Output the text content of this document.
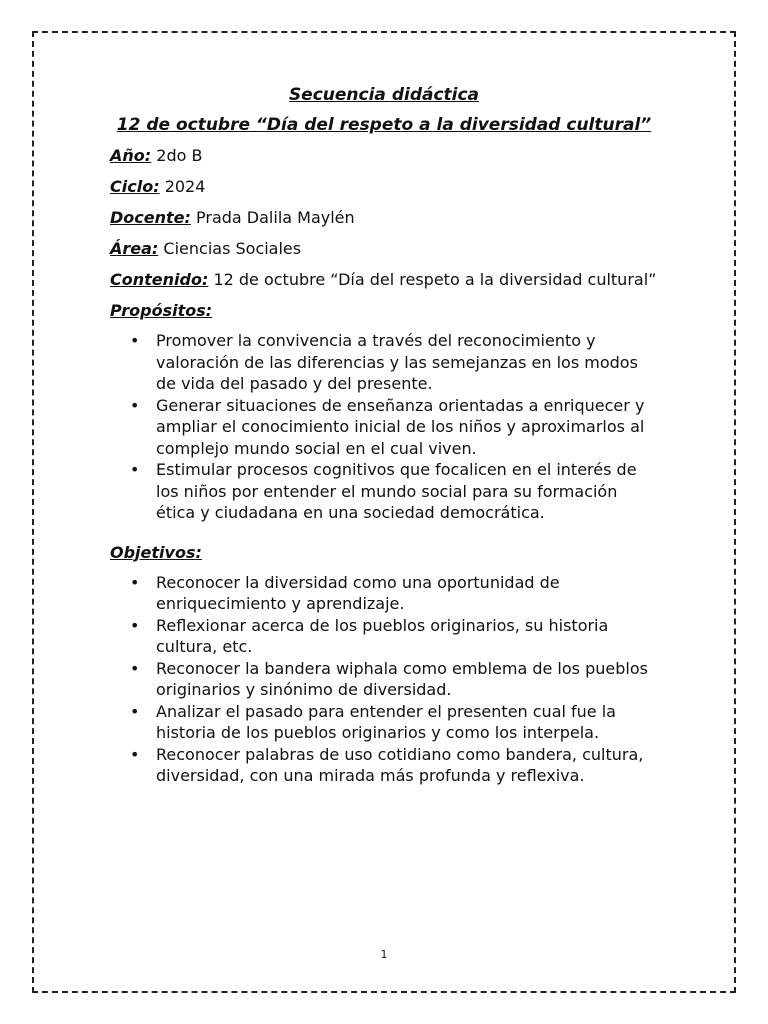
Secuencia didáctica

12 de octubre “Día del respeto a la diversidad cultural”

Año: 2do B

Ciclo: 2024

Docente: Prada Dalila Maylén

Área: Ciencias Sociales

Contenido: 12 de octubre “Día del respeto a la diversidad cultural”

Propósitos:

• Promover la convivencia a través del reconocimiento y valoración de las diferencias y las semejanzas en los modos de vida del pasado y del presente.
• Generar situaciones de enseñanza orientadas a enriquecer y ampliar el conocimiento inicial de los niños y aproximarlos al complejo mundo social en el cual viven.
• Estimular procesos cognitivos que focalicen en el interés de los niños por entender el mundo social para su formación ética y ciudadana en una sociedad democrática.

Objetivos:

• Reconocer la diversidad como una oportunidad de enriquecimiento y aprendizaje.
• Reflexionar acerca de los pueblos originarios, su historia cultura, etc.
• Reconocer la bandera wiphala como emblema de los pueblos originarios y sinónimo de diversidad.
• Analizar el pasado para entender el presenten cual fue la historia de los pueblos originarios y como los interpela.
• Reconocer palabras de uso cotidiano como bandera, cultura, diversidad, con una mirada más profunda y reflexiva.
1
